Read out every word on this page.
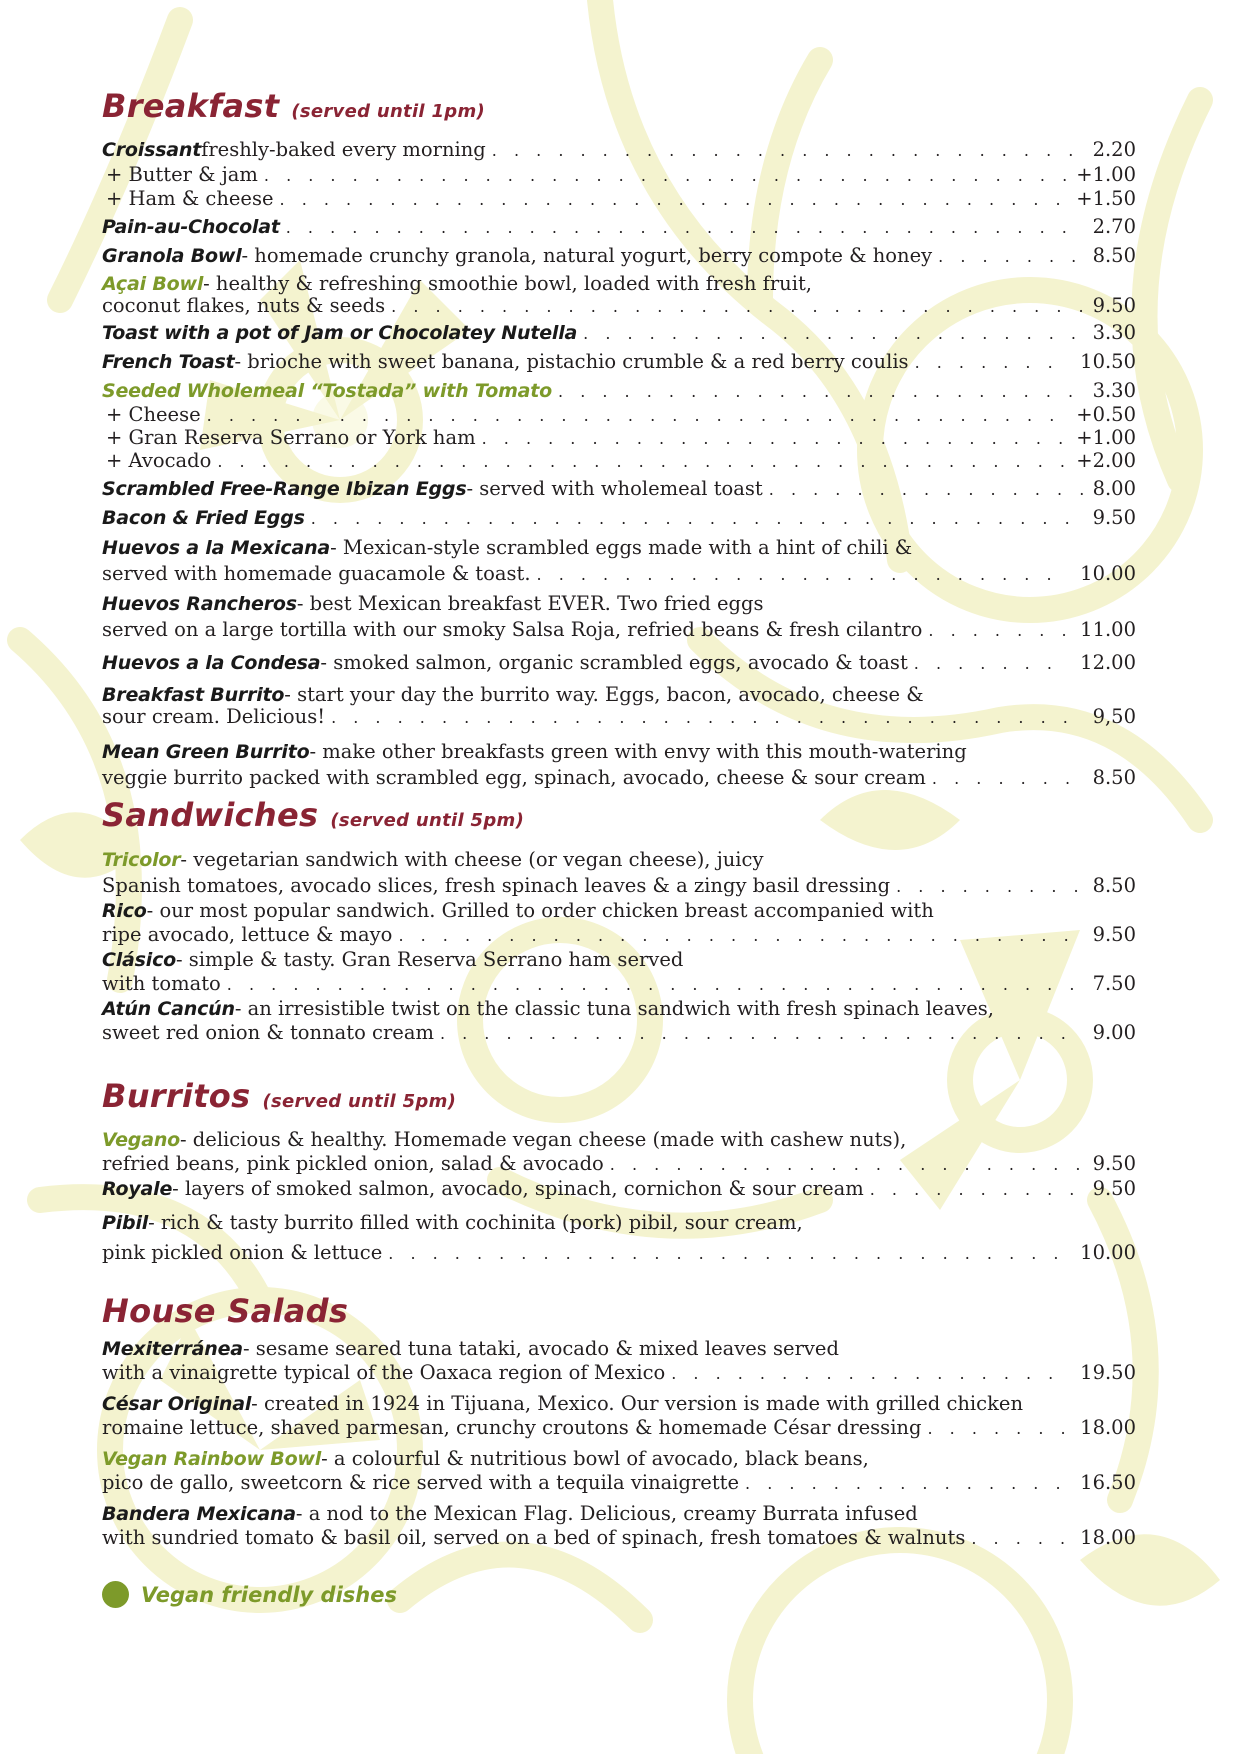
Breakfast (served until 1pm)
Croissant freshly-baked every morning . . .	2.20
+ Butter & jam . . .	+1.00
+ Ham & cheese . . .	+1.50
Pain-au-Chocolat . . .	2.70
Granola Bowl - homemade crunchy granola, natural yogurt, berry compote & honey . . .	8.50
Açai Bowl - healthy & refreshing smoothie bowl, loaded with fresh fruit,
coconut flakes, nuts & seeds . . .	9.50
Toast with a pot of Jam or Chocolatey Nutella . . .	3.30
French Toast - brioche with sweet banana, pistachio crumble & a red berry coulis . . .	10.50
Seeded Wholemeal “Tostada” with Tomato . . .	3.30
+ Cheese . . .	+0.50
+ Gran Reserva Serrano or York ham . . .	+1.00
+ Avocado . . .	+2.00
Scrambled Free-Range Ibizan Eggs - served with wholemeal toast . . .	8.00
Bacon & Fried Eggs . . .	9.50
Huevos a la Mexicana - Mexican-style scrambled eggs made with a hint of chili &
served with homemade guacamole & toast. . . .	10.00
Huevos Rancheros - best Mexican breakfast EVER. Two fried eggs
served on a large tortilla with our smoky Salsa Roja, refried beans & fresh cilantro . . .	11.00
Huevos a la Condesa - smoked salmon, organic scrambled eggs, avocado & toast . . .	12.00
Breakfast Burrito - start your day the burrito way. Eggs, bacon, avocado, cheese &
sour cream. Delicious! . . .	9,50
Mean Green Burrito - make other breakfasts green with envy with this mouth-watering
veggie burrito packed with scrambled egg, spinach, avocado, cheese & sour cream . . .	8.50
Sandwiches (served until 5pm)
Tricolor - vegetarian sandwich with cheese (or vegan cheese), juicy
Spanish tomatoes, avocado slices, fresh spinach leaves & a zingy basil dressing . . .	8.50
Rico - our most popular sandwich. Grilled to order chicken breast accompanied with
ripe avocado, lettuce & mayo . . .	9.50
Clásico - simple & tasty. Gran Reserva Serrano ham served
with tomato . . .	7.50
Atún Cancún - an irresistible twist on the classic tuna sandwich with fresh spinach leaves,
sweet red onion & tonnato cream . . .	9.00
Burritos (served until 5pm)
Vegano - delicious & healthy. Homemade vegan cheese (made with cashew nuts),
refried beans, pink pickled onion, salad & avocado . . .	9.50
Royale - layers of smoked salmon, avocado, spinach, cornichon & sour cream . . .	9.50
Pibil - rich & tasty burrito filled with cochinita (pork) pibil, sour cream,
pink pickled onion & lettuce . . .	10.00
House Salads
Mexiterránea - sesame seared tuna tataki, avocado & mixed leaves served
with a vinaigrette typical of the Oaxaca region of Mexico . . .	19.50
César Original - created in 1924 in Tijuana, Mexico. Our version is made with grilled chicken
romaine lettuce, shaved parmesan, crunchy croutons & homemade César dressing . . .	18.00
Vegan Rainbow Bowl - a colourful & nutritious bowl of avocado, black beans,
pico de gallo, sweetcorn & rice served with a tequila vinaigrette . . .	16.50
Bandera Mexicana - a nod to the Mexican Flag. Delicious, creamy Burrata infused
with sundried tomato & basil oil, served on a bed of spinach, fresh tomatoes & walnuts . . .	18.00
Vegan friendly dishes
